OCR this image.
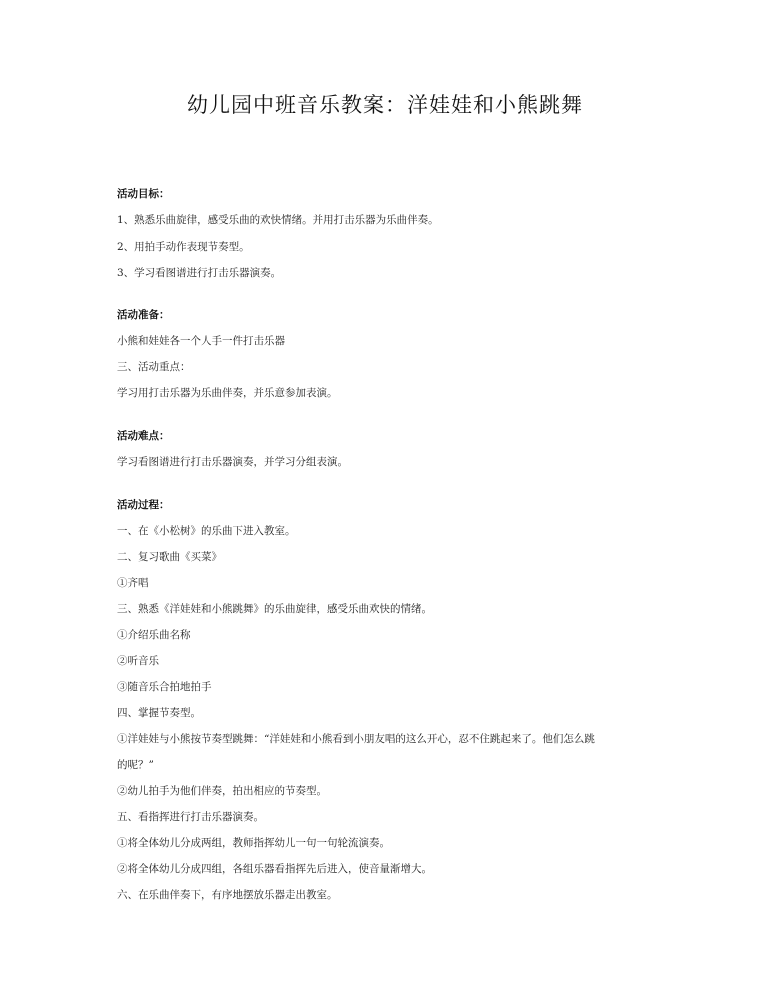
幼儿园中班音乐教案：洋娃娃和小熊跳舞

活动目标：

1、熟悉乐曲旋律，感受乐曲的欢快情绪。并用打击乐器为乐曲伴奏。

2、用拍手动作表现节奏型。

3、学习看图谱进行打击乐器演奏。

活动准备：

小熊和娃娃各一个人手一件打击乐器

三、活动重点：

学习用打击乐器为乐曲伴奏，并乐意参加表演。

活动难点：

学习看图谱进行打击乐器演奏，并学习分组表演。

活动过程：

一、在《小松树》的乐曲下进入教室。

二、复习歌曲《买菜》

①齐唱

三、熟悉《洋娃娃和小熊跳舞》的乐曲旋律，感受乐曲欢快的情绪。

①介绍乐曲名称

②听音乐

③随音乐合拍地拍手

四、掌握节奏型。

①洋娃娃与小熊按节奏型跳舞：“洋娃娃和小熊看到小朋友唱的这么开心，忍不住跳起来了。他们怎么跳

的呢？”

②幼儿拍手为他们伴奏，拍出相应的节奏型。

五、看指挥进行打击乐器演奏。

①将全体幼儿分成两组，教师指挥幼儿一句一句轮流演奏。

②将全体幼儿分成四组，各组乐器看指挥先后进入，使音量渐增大。

六、在乐曲伴奏下，有序地摆放乐器走出教室。
